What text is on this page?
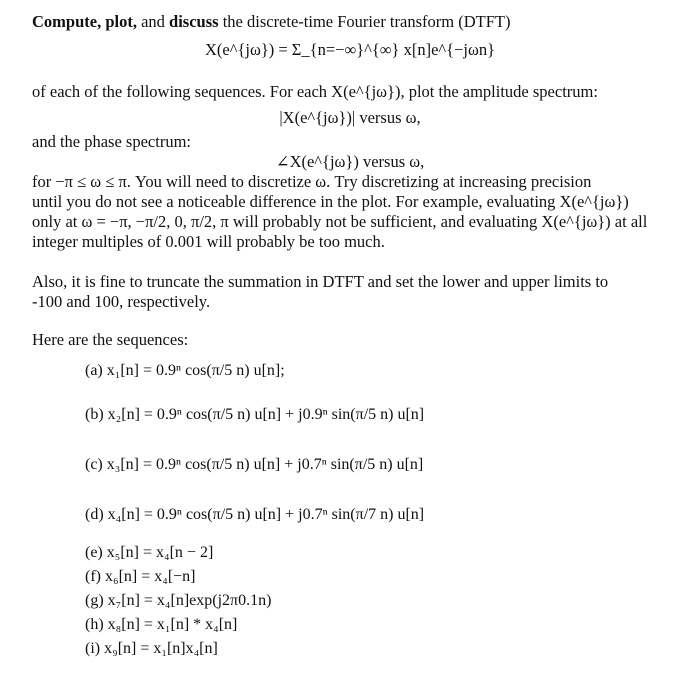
Compute, plot, and discuss the discrete-time Fourier transform (DTFT)
X(e^{jω}) = Σ_{n=−∞}^{∞} x[n]e^{−jωn}
of each of the following sequences. For each X(e^{jω}), plot the amplitude spectrum:
|X(e^{jω})| versus ω,
and the phase spectrum:
∠X(e^{jω}) versus ω,
for −π ≤ ω ≤ π. You will need to discretize ω. Try discretizing at increasing precision
until you do not see a noticeable difference in the plot. For example, evaluating X(e^{jω})
only at ω = −π, −π/2, 0, π/2, π will probably not be sufficient, and evaluating X(e^{jω}) at all
integer multiples of 0.001 will probably be too much.
Also, it is fine to truncate the summation in DTFT and set the lower and upper limits to
-100 and 100, respectively.
Here are the sequences:
(a) x₁[n] = 0.9ⁿ cos(π/5 n) u[n];
(b) x₂[n] = 0.9ⁿ cos(π/5 n) u[n] + j0.9ⁿ sin(π/5 n) u[n]
(c) x₃[n] = 0.9ⁿ cos(π/5 n) u[n] + j0.7ⁿ sin(π/5 n) u[n]
(d) x₄[n] = 0.9ⁿ cos(π/5 n) u[n] + j0.7ⁿ sin(π/7 n) u[n]
(e) x₅[n] = x₄[n − 2]
(f) x₆[n] = x₄[−n]
(g) x₇[n] = x₄[n]exp(j2π0.1n)
(h) x₈[n] = x₁[n] * x₄[n]
(i) x₉[n] = x₁[n]x₄[n]
